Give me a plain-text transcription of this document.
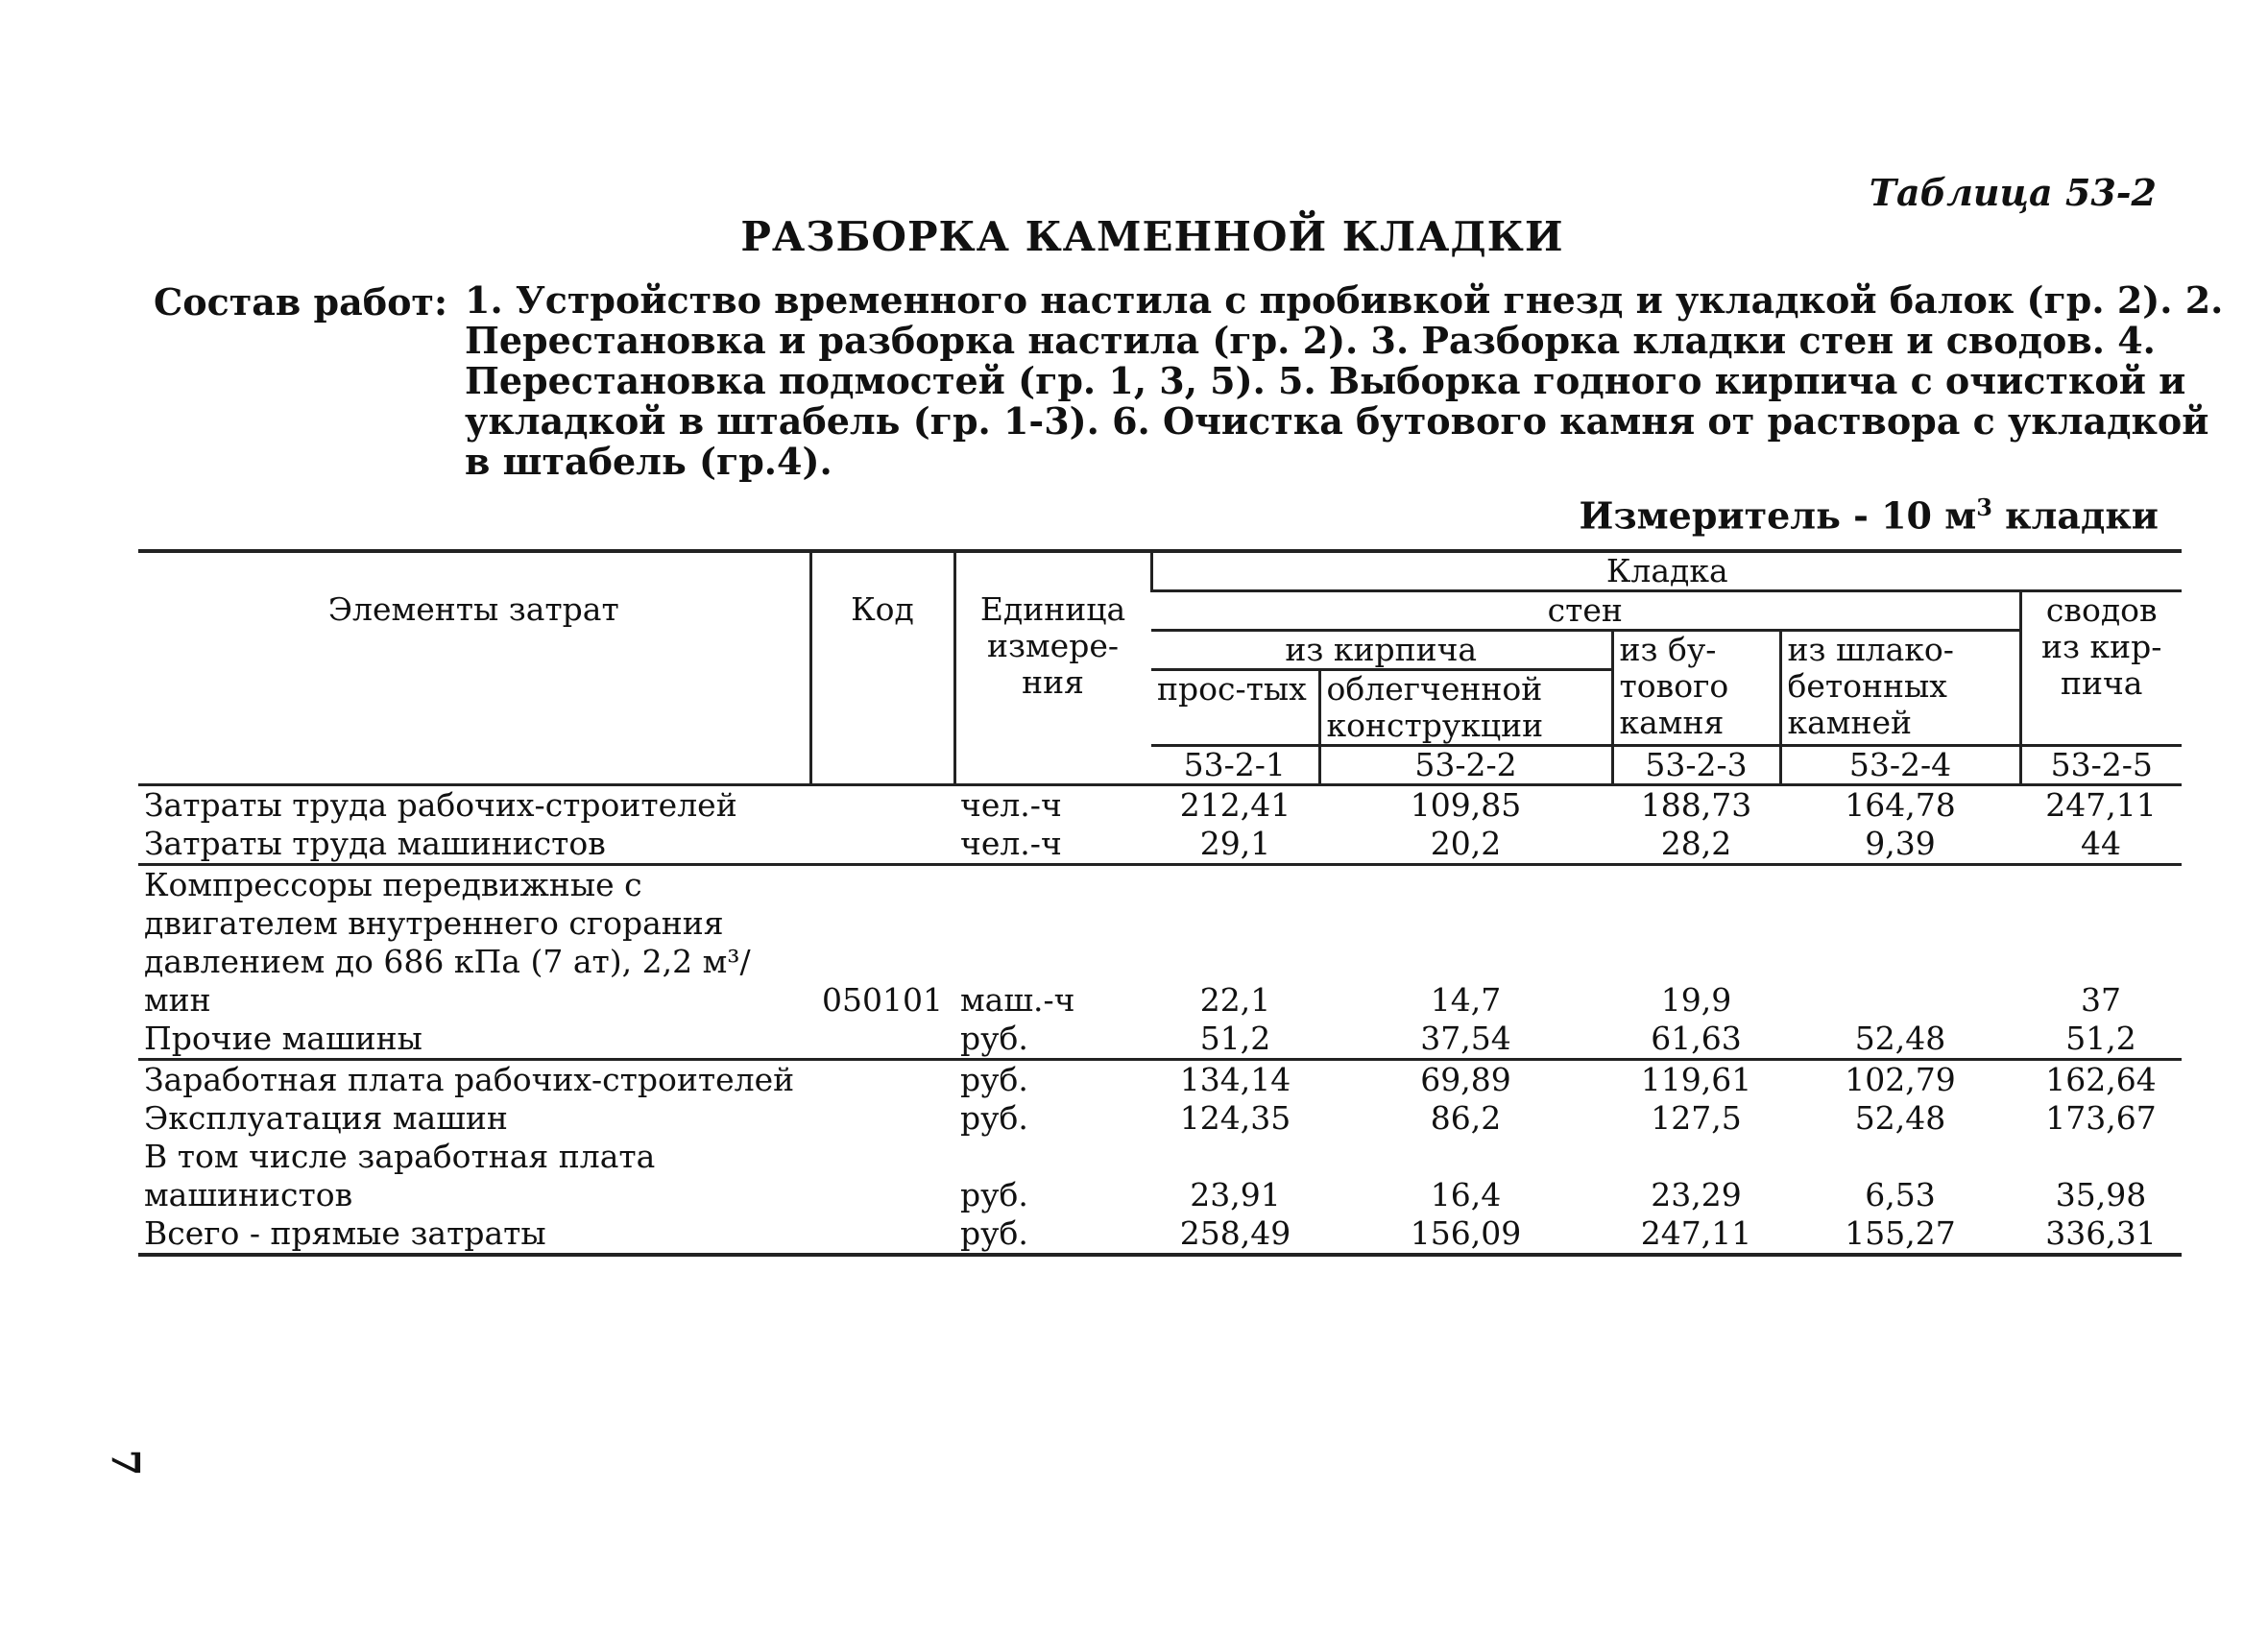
Таблица 53-2
РАЗБОРКА КАМЕННОЙ КЛАДКИ
Состав работ: 1. Устройство временного настила с пробивкой гнезд и укладкой балок (гр. 2). 2. Перестановка и разборка настила (гр. 2). 3. Разборка кладки стен и сводов. 4. Перестановка подмостей (гр. 1, 3, 5). 5. Выборка годного кирпича с очисткой и укладкой в штабель (гр. 1-3). 6. Очистка бутового камня от раствора с укладкой в штабель (гр.4).
Измеритель - 10 $м^3$ кладки

Элементы затрат	Код	Единица измере-ния	Кладка				
			стен				сводов из кир-пича
			из кирпича		из бу-тового камня	из шлако-бетонных камней	
			прос-тых	облегченной конструкции			
			53-2-1	53-2-2	53-2-3	53-2-4	53-2-5
Затраты труда рабочих-строителей		чел.-ч	212,41	109,85	188,73	164,78	247,11
Затраты труда машинистов		чел.-ч	29,1	20,2	28,2	9,39	44
Компрессоры передвижные с двигателем внутреннего сгорания давлением до 686 кПа (7 ат), 2,2 м³/мин	050101	маш.-ч	22,1	14,7	19,9		37
Прочие машины		руб.	51,2	37,54	61,63	52,48	51,2
Заработная плата рабочих-строителей		руб.	134,14	69,89	119,61	102,79	162,64
Эксплуатация машин		руб.	124,35	86,2	127,5	52,48	173,67
В том числе заработная плата машинистов		руб.	23,91	16,4	23,29	6,53	35,98
Всего - прямые затраты		руб.	258,49	156,09	247,11	155,27	336,31
7
